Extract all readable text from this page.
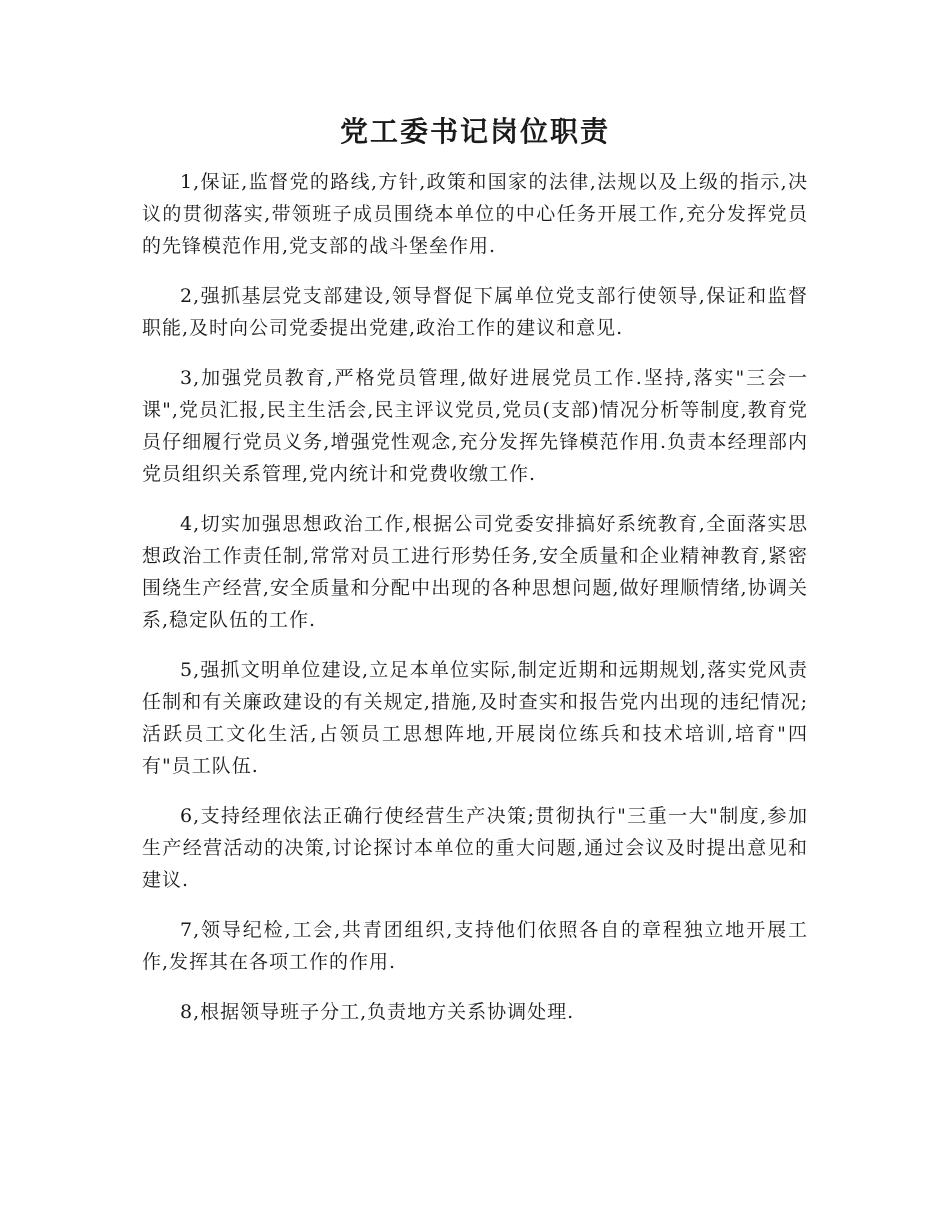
党工委书记岗位职责

1,保证,监督党的路线,方针,政策和国家的法律,法规以及上级的指示,决议的贯彻落实,带领班子成员围绕本单位的中心任务开展工作,充分发挥党员的先锋模范作用,党支部的战斗堡垒作用.

2,强抓基层党支部建设,领导督促下属单位党支部行使领导,保证和监督职能,及时向公司党委提出党建,政治工作的建议和意见.

3,加强党员教育,严格党员管理,做好进展党员工作.坚持,落实"三会一课",党员汇报,民主生活会,民主评议党员,党员(支部)情况分析等制度,教育党员仔细履行党员义务,增强党性观念,充分发挥先锋模范作用.负责本经理部内党员组织关系管理,党内统计和党费收缴工作.

4,切实加强思想政治工作,根据公司党委安排搞好系统教育,全面落实思想政治工作责任制,常常对员工进行形势任务,安全质量和企业精神教育,紧密围绕生产经营,安全质量和分配中出现的各种思想问题,做好理顺情绪,协调关系,稳定队伍的工作.

5,强抓文明单位建设,立足本单位实际,制定近期和远期规划,落实党风责任制和有关廉政建设的有关规定,措施,及时查实和报告党内出现的违纪情况;活跃员工文化生活,占领员工思想阵地,开展岗位练兵和技术培训,培育"四有"员工队伍.

6,支持经理依法正确行使经营生产决策;贯彻执行"三重一大"制度,参加生产经营活动的决策,讨论探讨本单位的重大问题,通过会议及时提出意见和建议.

7,领导纪检,工会,共青团组织,支持他们依照各自的章程独立地开展工作,发挥其在各项工作的作用.

8,根据领导班子分工,负责地方关系协调处理.
